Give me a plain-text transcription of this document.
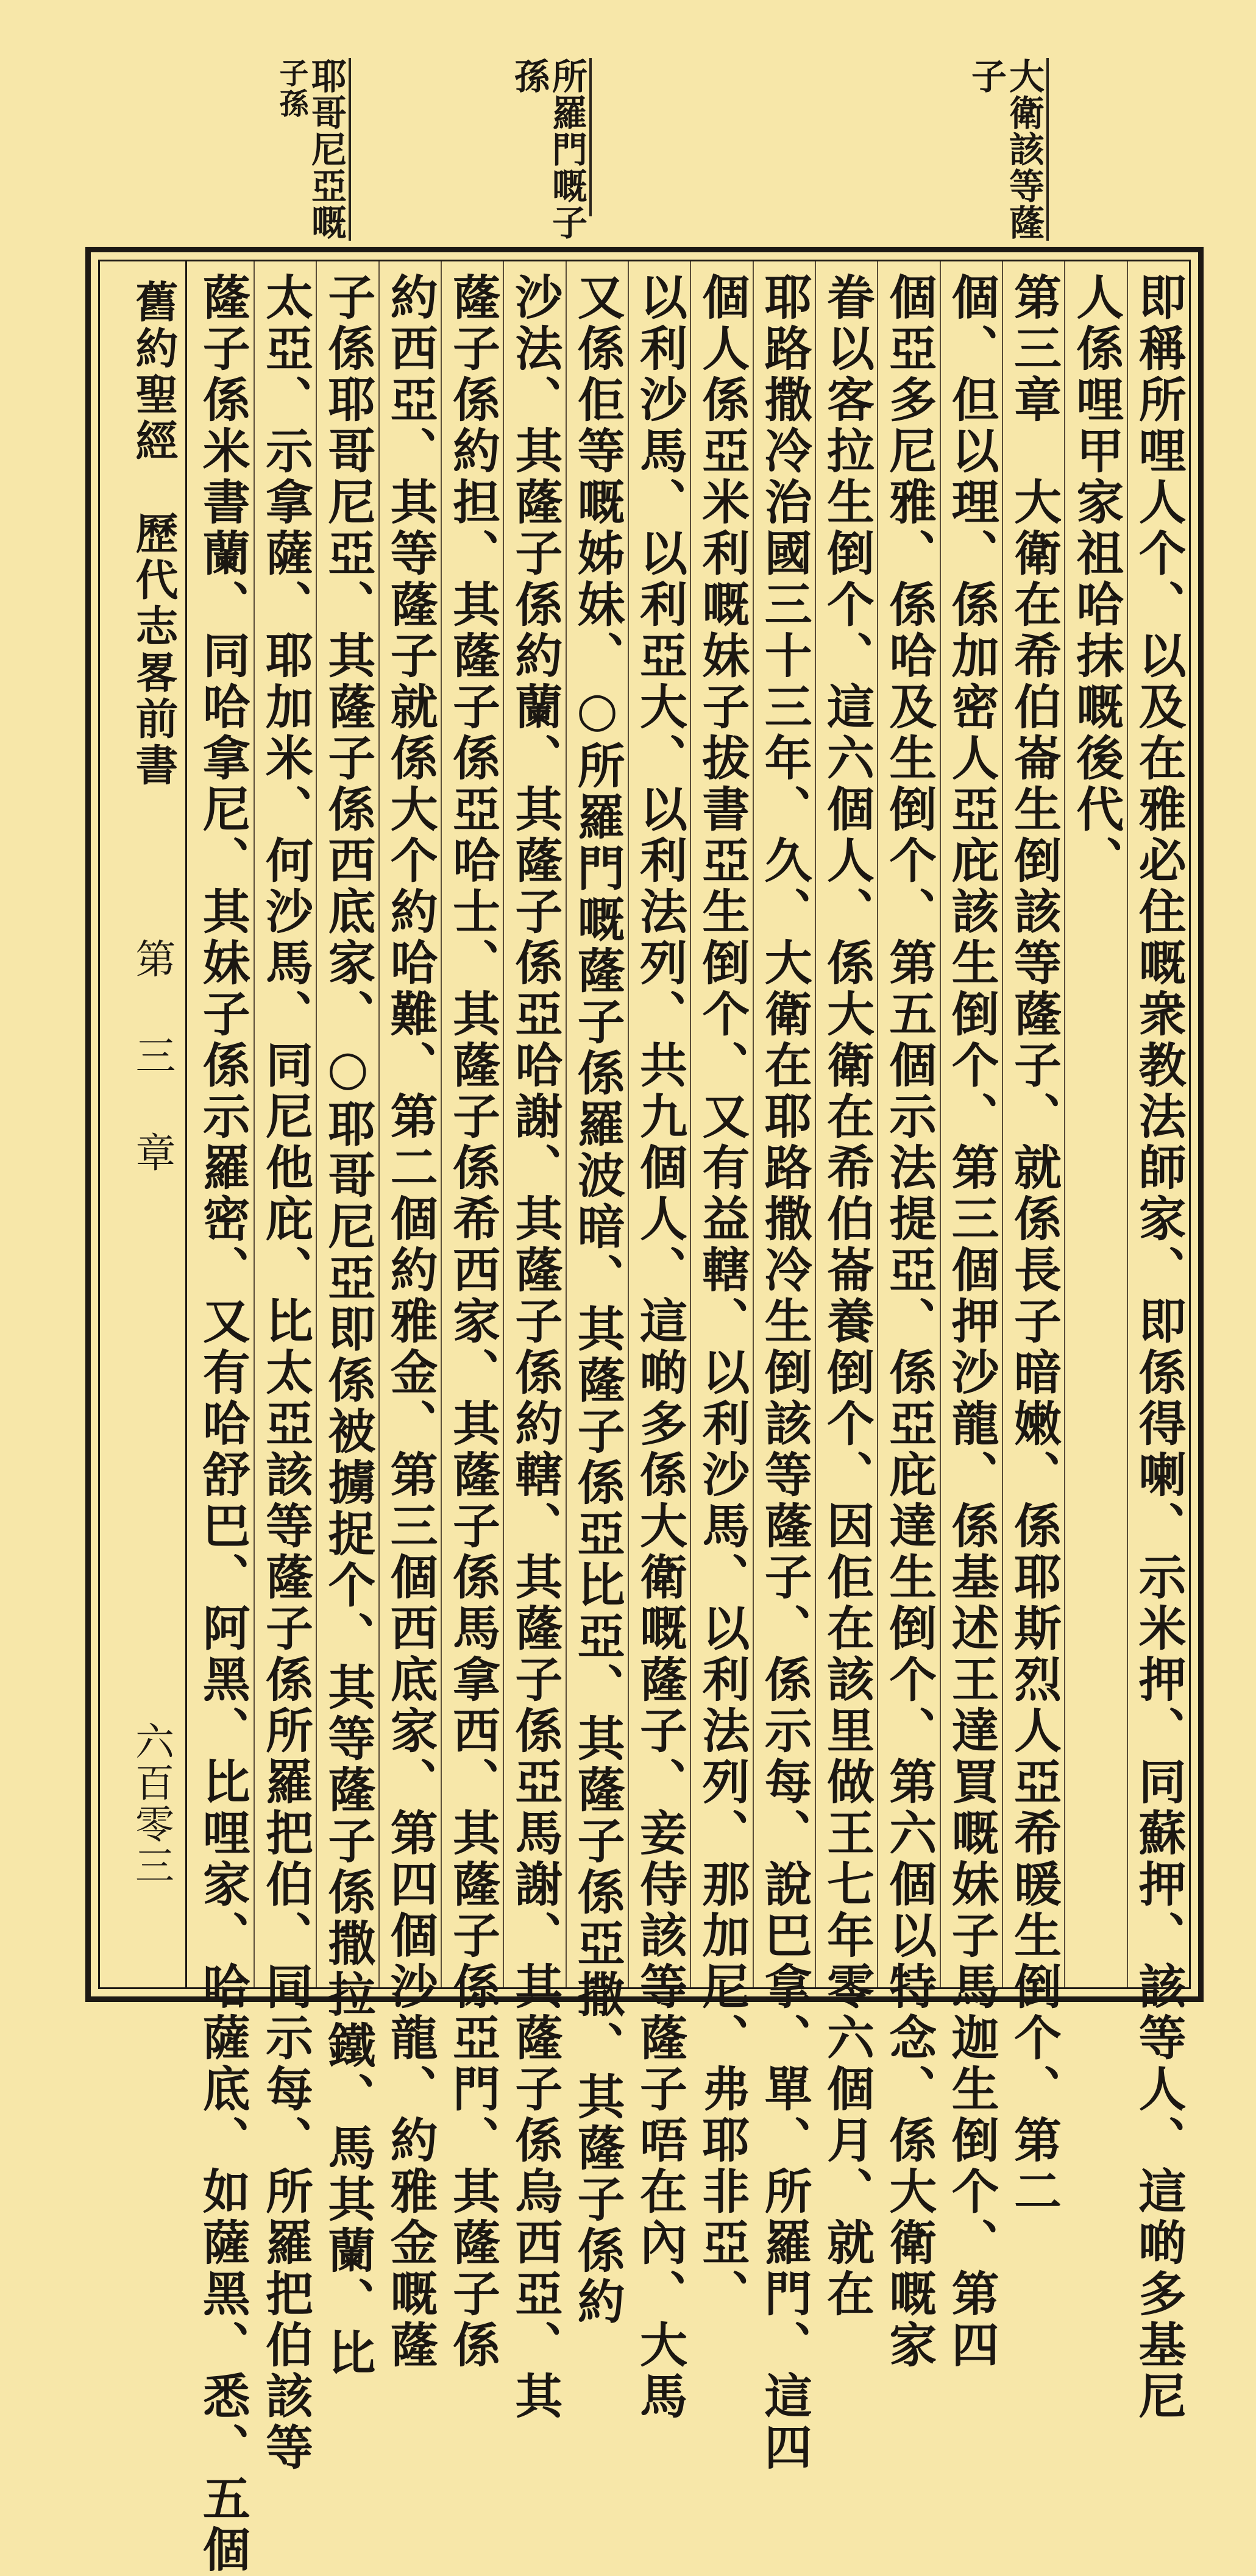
大衛該等蕯
子
所羅門嘅子
孫
耶哥尼亞嘅
子孫
舊約聖經　歷代志畧前書
第 三 章
六百零三	即稱所哩人个、以及在雅必住嘅衆教法師家、即係得喇、示米押、同蘇押、該等人、這啲多基尼
人係哩甲家祖哈抹嘅後代、
第三章　大衛在希伯崙生倒該等蕯子、就係長子暗嫩、係耶斯烈人亞希暖生倒个、第二
個、但以理、係加密人亞庇該生倒个、第三個押沙龍、係基述王達買嘅妹子馬迦生倒个、第四
個亞多尼雅、係哈及生倒个、第五個示法提亞、係亞庇達生倒个、第六個以特念、係大衛嘅家
眷以客拉生倒个、這六個人、係大衛在希伯崙養倒个、因佢在該里做王七年零六個月、就在
耶路撒冷治國三十三年、久、大衛在耶路撒冷生倒該等蕯子、係示每、說巴拿、單、所羅門、這四
個人係亞米利嘅妹子拔書亞生倒个、又有益轄、以利沙馬、以利法列、那加尼、弗耶非亞、
以利沙馬、以利亞大、以利法列、共九個人、這啲多係大衛嘅蕯子、妾侍該等蕯子唔在內、大馬
又係佢等嘅姊妹、○所羅門嘅蕯子係羅波暗、其蕯子係亞比亞、其蕯子係亞撒、其蕯子係約
沙法、其蕯子係約蘭、其蕯子係亞哈謝、其蕯子係約轄、其蕯子係亞馬謝、其蕯子係烏西亞、其
蕯子係約担、其蕯子係亞哈士、其蕯子係希西家、其蕯子係馬拿西、其蕯子係亞門、其蕯子係
約西亞、其等蕯子就係大个約哈難、第二個約雅金、第三個西底家、第四個沙龍、約雅金嘅蕯
子係耶哥尼亞、其蕯子係西底家、○耶哥尼亞即係被擄捉个、其等蕯子係撒拉鐵、馬其蘭、比
太亞、示拿薩、耶加米、何沙馬、同尼他庇、比太亞該等蕯子係所羅把伯、同示每、所羅把伯該等
蕯子係米書蘭、同哈拿尼、其妹子係示羅密、又有哈舒巴、阿黑、比哩家、哈薩底、如薩黑、悉、五個
